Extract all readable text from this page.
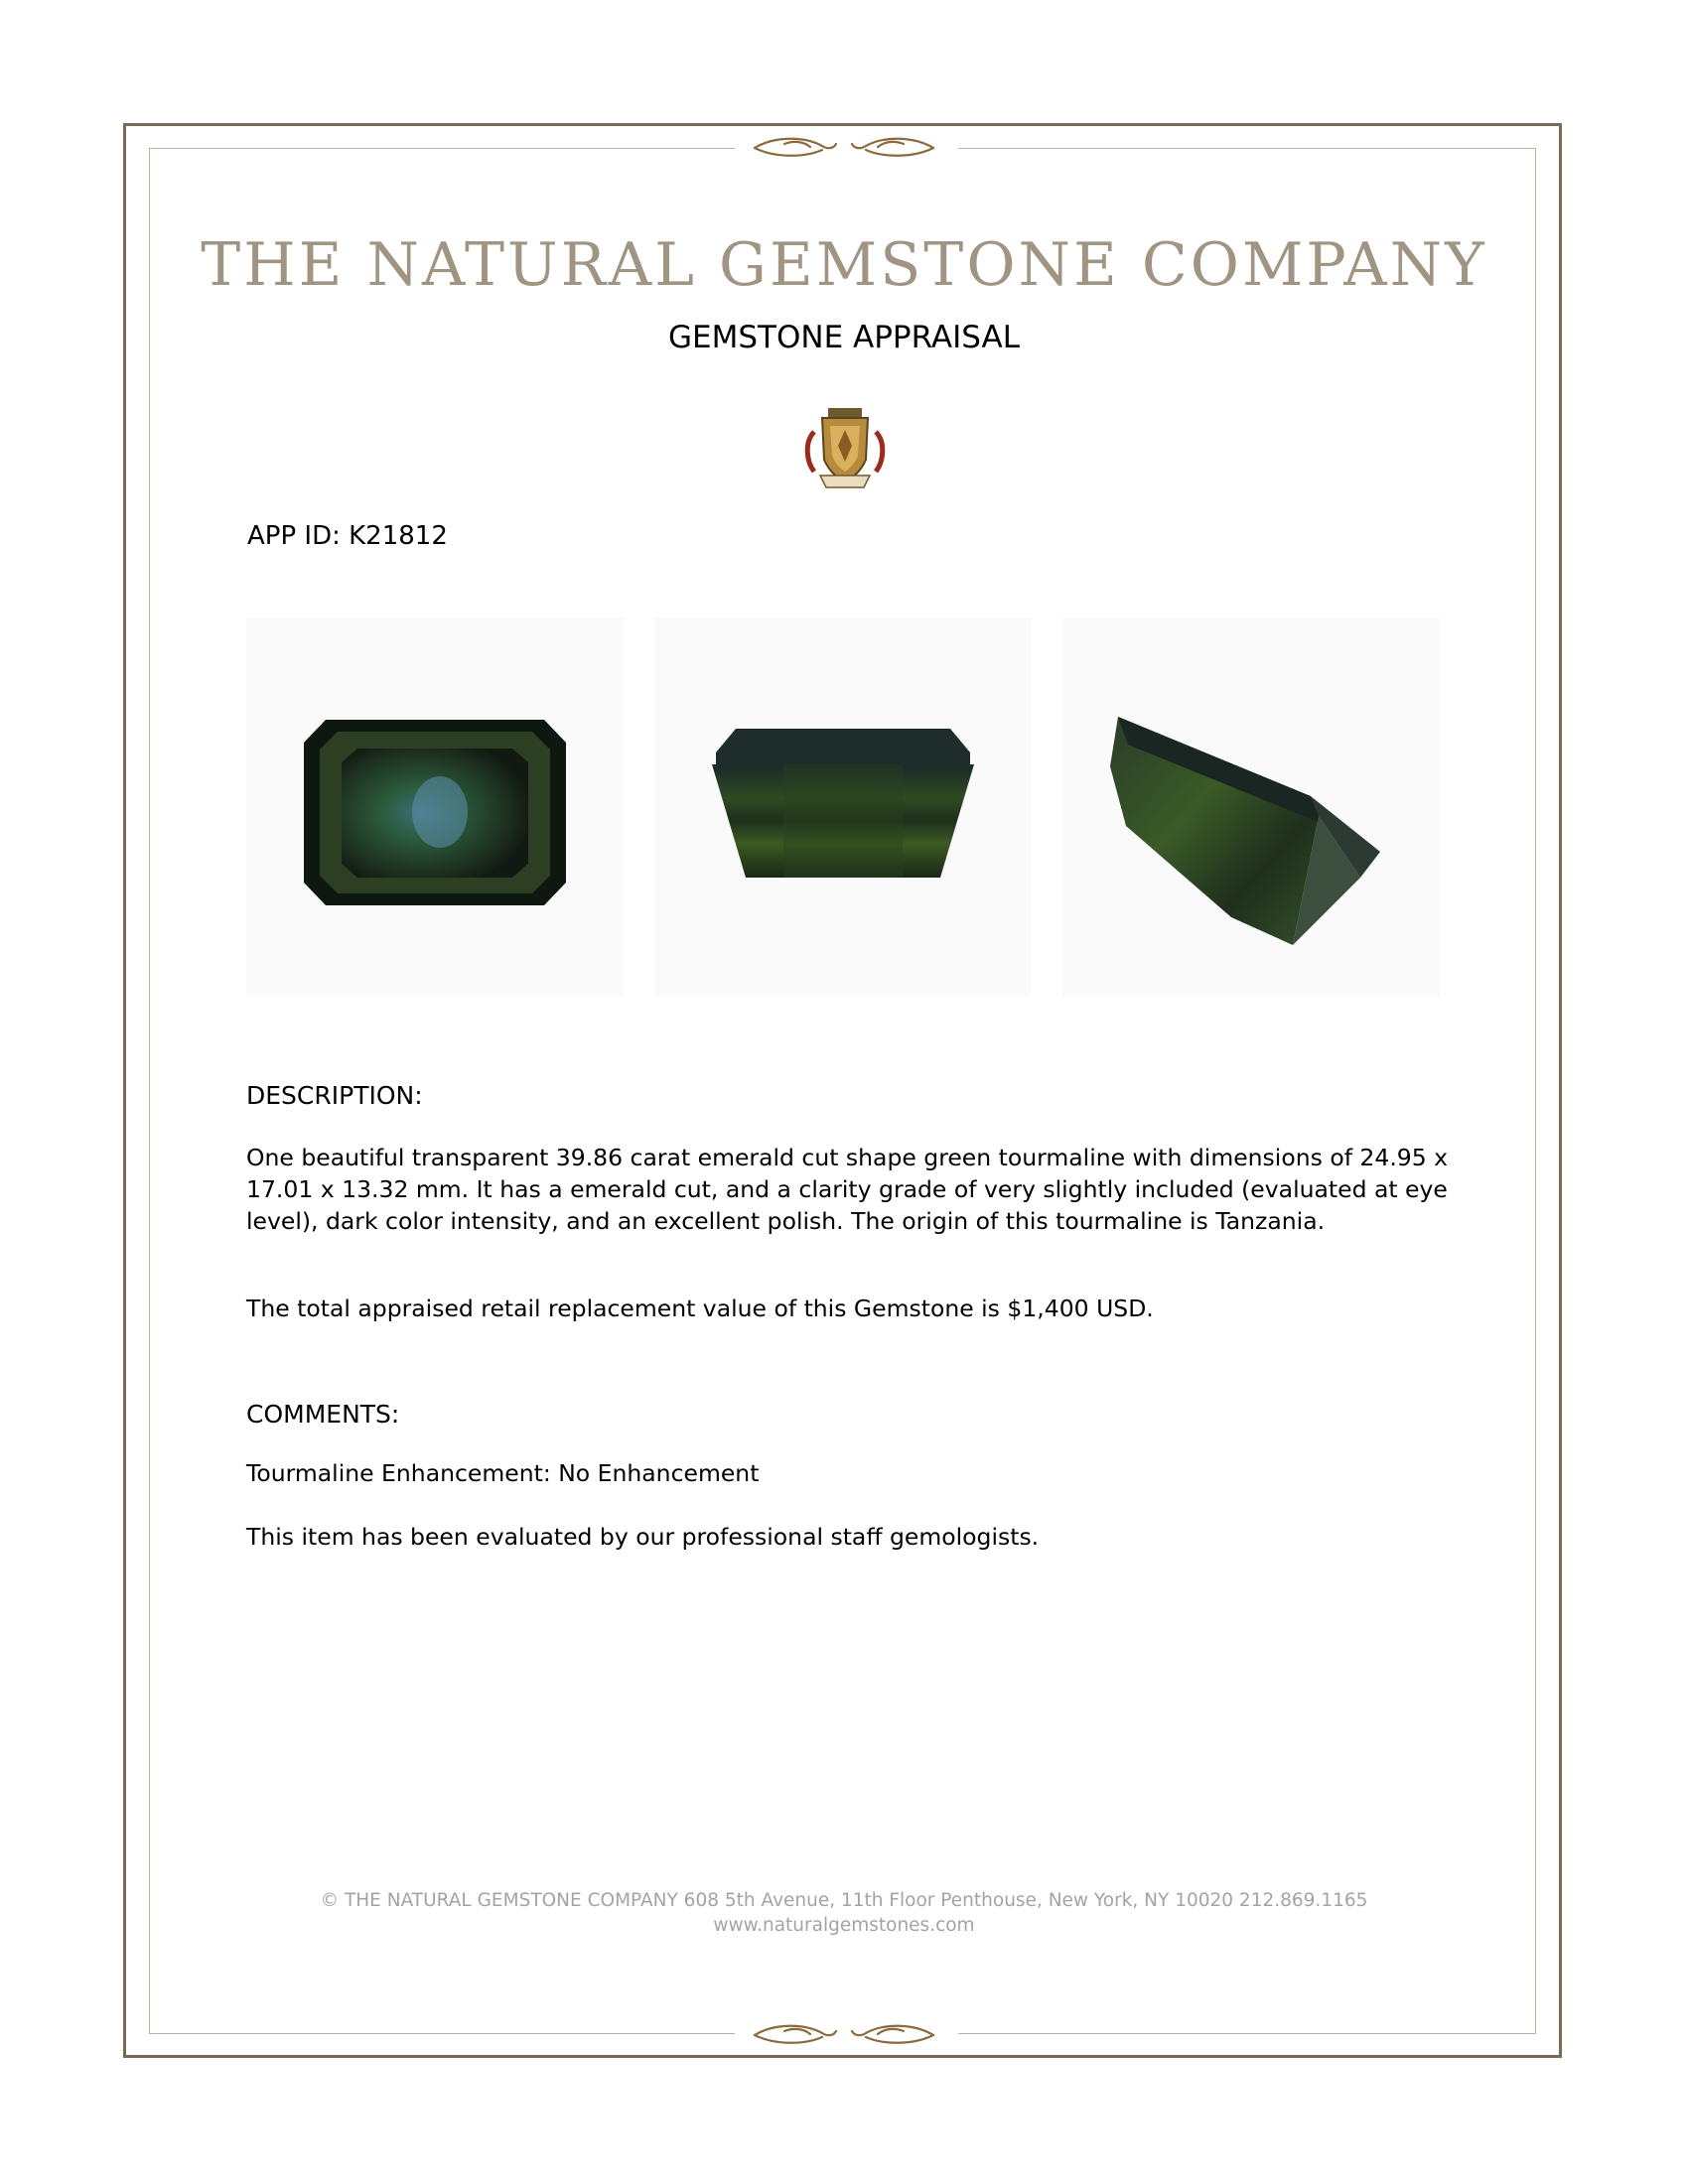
THE NATURAL GEMSTONE COMPANY
GEMSTONE APPRAISAL
APP ID: K21812
DESCRIPTION:

One beautiful transparent 39.86 carat emerald cut shape green tourmaline with dimensions of 24.95 x 17.01 x 13.32 mm. It has a emerald cut, and a clarity grade of very slightly included (evaluated at eye level), dark color intensity, and an excellent polish. The origin of this tourmaline is Tanzania.

The total appraised retail replacement value of this Gemstone is $1,400 USD.

COMMENTS:

Tourmaline Enhancement: No Enhancement

This item has been evaluated by our professional staff gemologists.

© THE NATURAL GEMSTONE COMPANY 608 5th Avenue, 11th Floor Penthouse, New York, NY 10020 212.869.1165
www.naturalgemstones.com
